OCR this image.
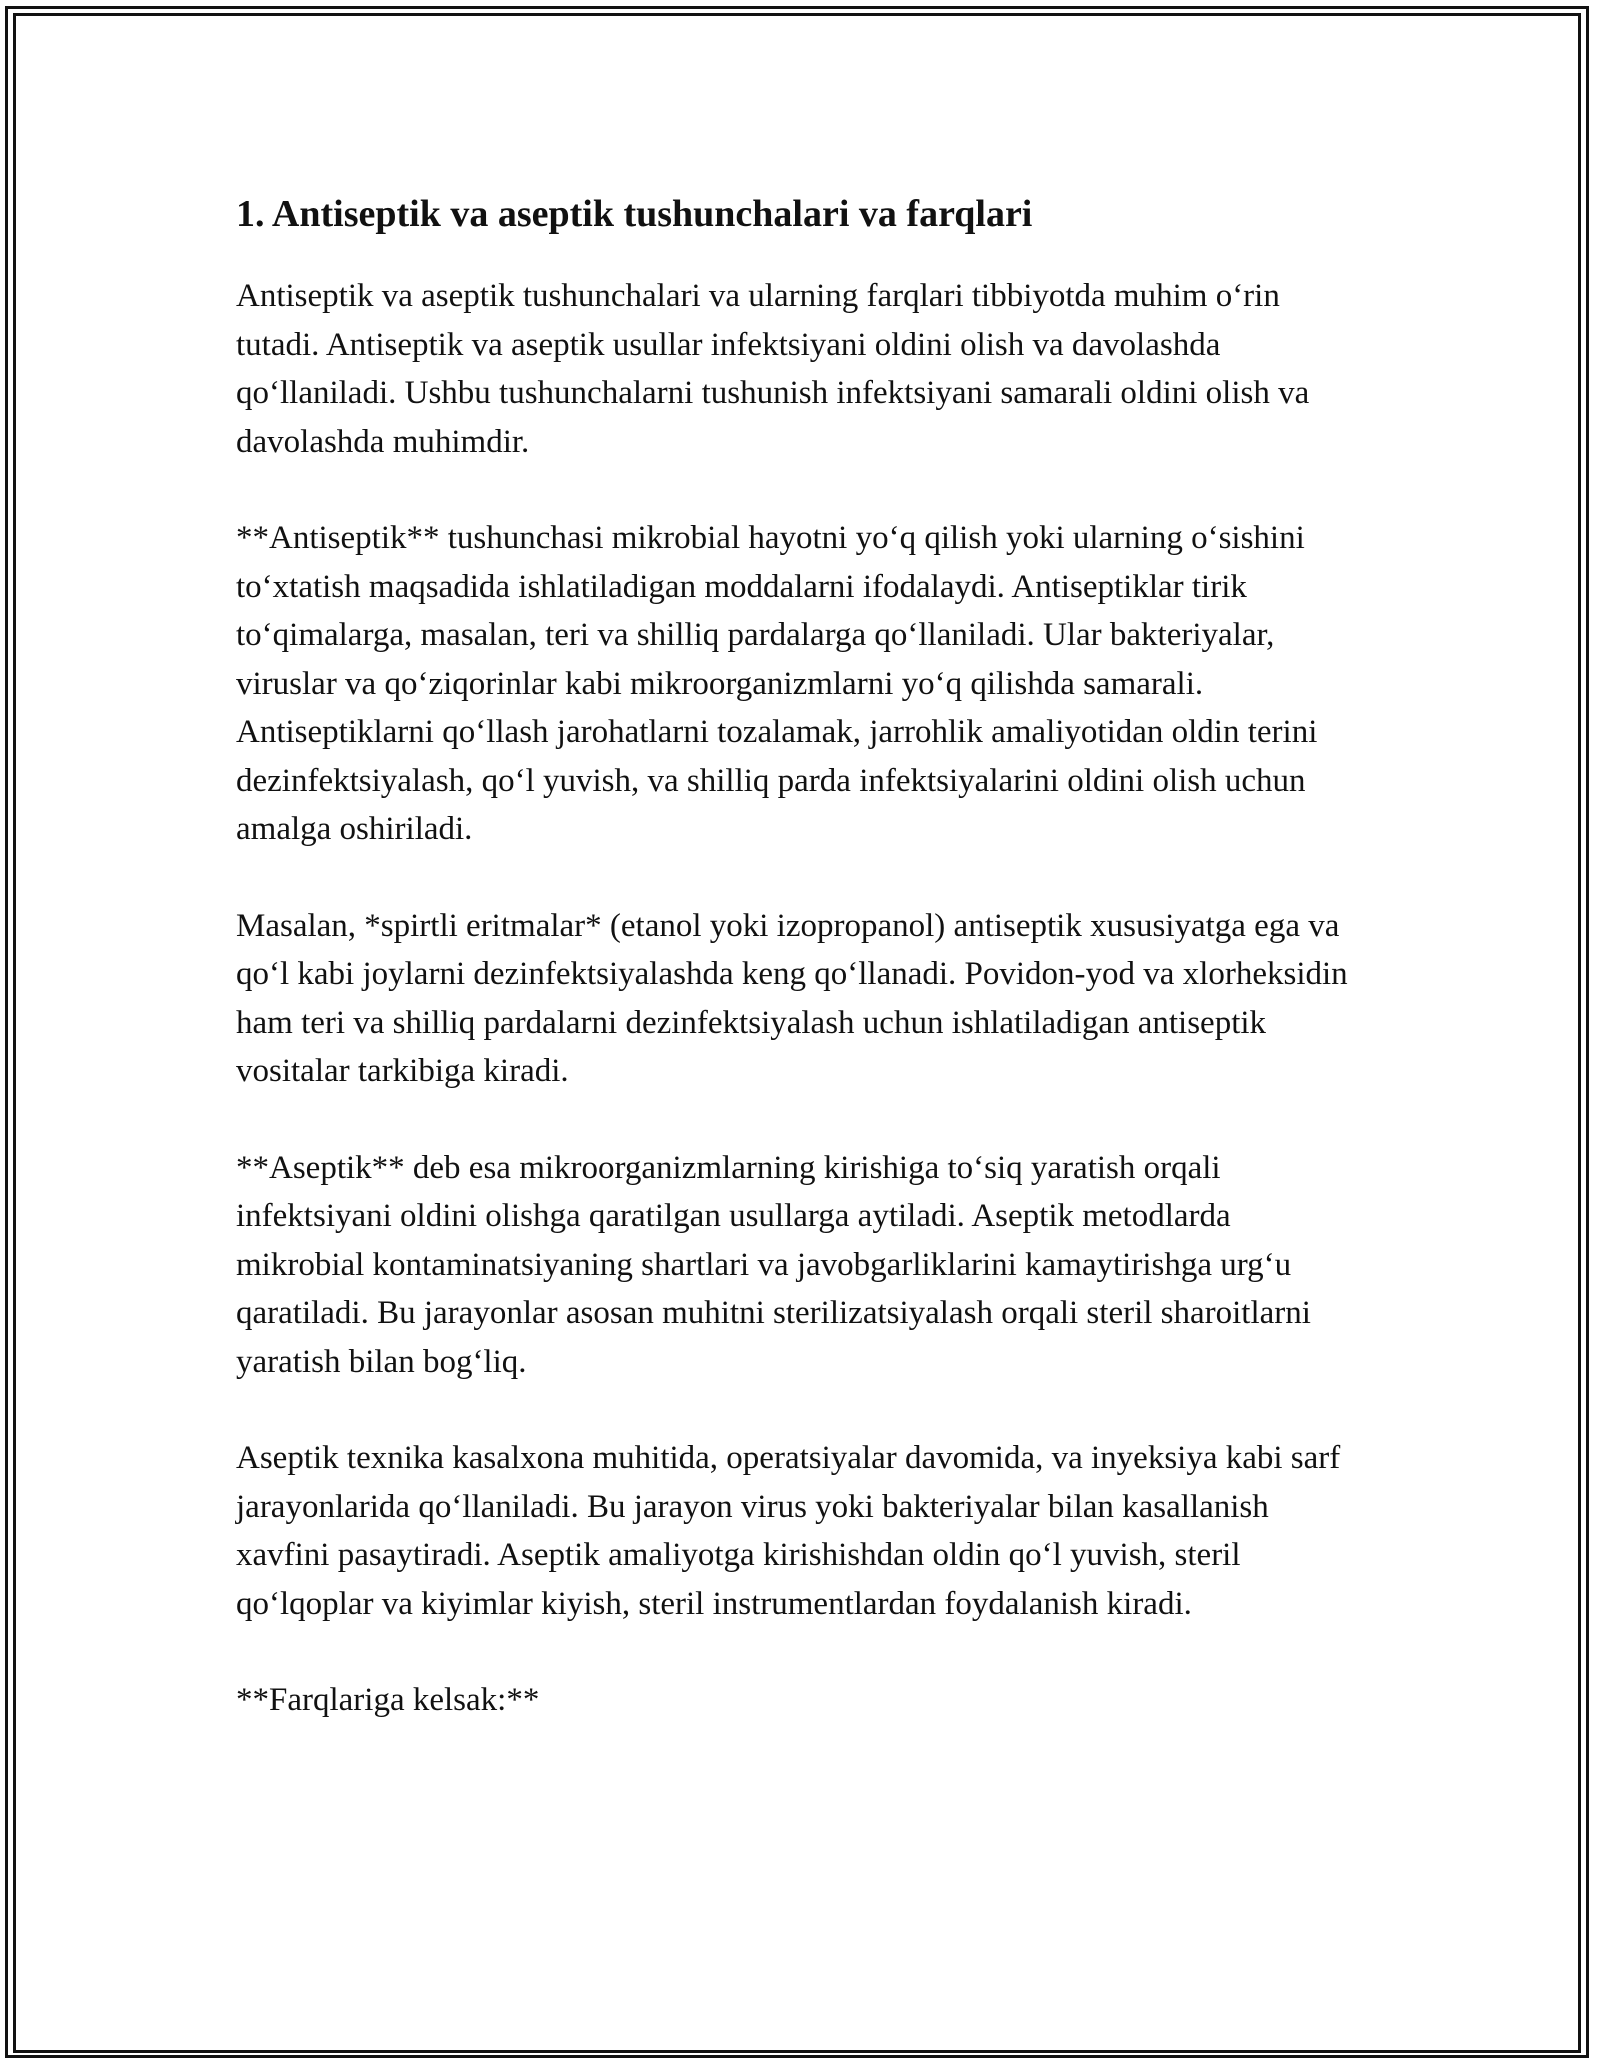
1. Antiseptik va aseptik tushunchalari va farqlari

Antiseptik va aseptik tushunchalari va ularning farqlari tibbiyotda muhim o‘rin tutadi. Antiseptik va aseptik usullar infektsiyani oldini olish va davolashda qo‘llaniladi. Ushbu tushunchalarni tushunish infektsiyani samarali oldini olish va davolashda muhimdir.

**Antiseptik** tushunchasi mikrobial hayotni yo‘q qilish yoki ularning o‘sishini to‘xtatish maqsadida ishlatiladigan moddalarni ifodalaydi. Antiseptiklar tirik to‘qimalarga, masalan, teri va shilliq pardalarga qo‘llaniladi. Ular bakteriyalar, viruslar va qo‘ziqorinlar kabi mikroorganizmlarni yo‘q qilishda samarali. Antiseptiklarni qo‘llash jarohatlarni tozalamak, jarrohlik amaliyotidan oldin terini dezinfektsiyalash, qo‘l yuvish, va shilliq parda infektsiyalarini oldini olish uchun amalga oshiriladi.

Masalan, *spirtli eritmalar* (etanol yoki izopropanol) antiseptik xususiyatga ega va qo‘l kabi joylarni dezinfektsiyalashda keng qo‘llanadi. Povidon-yod va xlorheksidin ham teri va shilliq pardalarni dezinfektsiyalash uchun ishlatiladigan antiseptik vositalar tarkibiga kiradi.

**Aseptik** deb esa mikroorganizmlarning kirishiga to‘siq yaratish orqali infektsiyani oldini olishga qaratilgan usullarga aytiladi. Aseptik metodlarda mikrobial kontaminatsiyaning shartlari va javobgarliklarini kamaytirishga urg‘u qaratiladi. Bu jarayonlar asosan muhitni sterilizatsiyalash orqali steril sharoitlarni yaratish bilan bog‘liq.

Aseptik texnika kasalxona muhitida, operatsiyalar davomida, va inyeksiya kabi sarf jarayonlarida qo‘llaniladi. Bu jarayon virus yoki bakteriyalar bilan kasallanish xavfini pasaytiradi. Aseptik amaliyotga kirishishdan oldin qo‘l yuvish, steril qo‘lqoplar va kiyimlar kiyish, steril instrumentlardan foydalanish kiradi.

**Farqlariga kelsak:**
